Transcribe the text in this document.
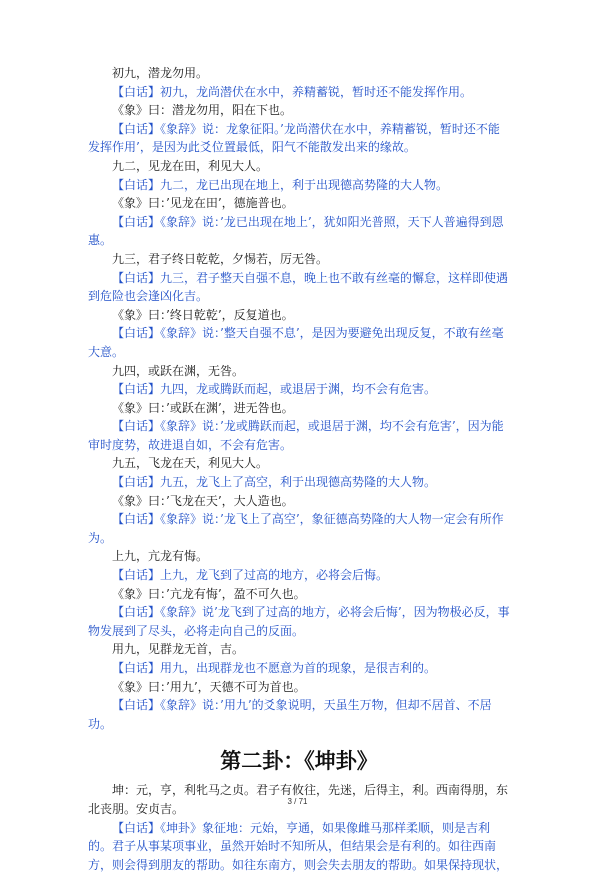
初九，潜龙勿用。

【白话】初九，龙尚潜伏在水中，养精蓄锐，暂时还不能发挥作用。

《象》曰：潜龙勿用，阳在下也。

【白话】《象辞》说：龙象征阳。’龙尚潜伏在水中，养精蓄锐，暂时还不能发挥作用’，是因为此爻位置最低，阳气不能散发出来的缘故。

九二，见龙在田，利见大人。

【白话】九二，龙已出现在地上，利于出现德高势隆的大人物。

《象》曰：’见龙在田’，德施普也。

【白话】《象辞》说：’龙已出现在地上’，犹如阳光普照，天下人普遍得到恩惠。

九三，君子终日乾乾，夕惕若，厉无咎。

【白话】九三，君子整天自强不息，晚上也不敢有丝毫的懈怠，这样即使遇到危险也会逢凶化吉。

《象》曰：’终日乾乾’，反复道也。

【白话】《象辞》说：’整天自强不息’，是因为要避免出现反复，不敢有丝毫大意。

九四，或跃在渊，无咎。

【白话】九四，龙或腾跃而起，或退居于渊，均不会有危害。

《象》曰：’或跃在渊’，进无咎也。

【白话】《象辞》说：’龙或腾跃而起，或退居于渊，均不会有危害’，因为能审时度势，故进退自如，不会有危害。

九五，飞龙在天，利见大人。

【白话】九五，龙飞上了高空，利于出现德高势隆的大人物。

《象》曰：’飞龙在天’，大人造也。

【白话】《象辞》说：’龙飞上了高空’，象征德高势隆的大人物一定会有所作为。

上九，亢龙有悔。

【白话】上九，龙飞到了过高的地方，必将会后悔。

《象》曰：’亢龙有悔’，盈不可久也。

【白话】《象辞》说’龙飞到了过高的地方，必将会后悔’，因为物极必反，事物发展到了尽头，必将走向自己的反面。

用九，见群龙无首，吉。

【白话】用九，出现群龙也不愿意为首的现象，是很吉利的。

《象》曰：’用九’，天德不可为首也。

【白话】《象辞》说：’用九’的爻象说明，天虽生万物，但却不居首、不居功。

第二卦：《坤卦》

坤：元，亨，利牝马之贞。君子有攸往，先迷，后得主，利。西南得朋，东北丧朋。安贞吉。

【白话】《坤卦》象征地：元始，亨通，如果像雌马那样柔顺，则是吉利的。君子从事某项事业，虽然开始时不知所从，但结果会是有利的。如往西南方，则会得到朋友的帮助。如往东南方，则会失去朋友的帮助。如果保持现状，

3 / 71
